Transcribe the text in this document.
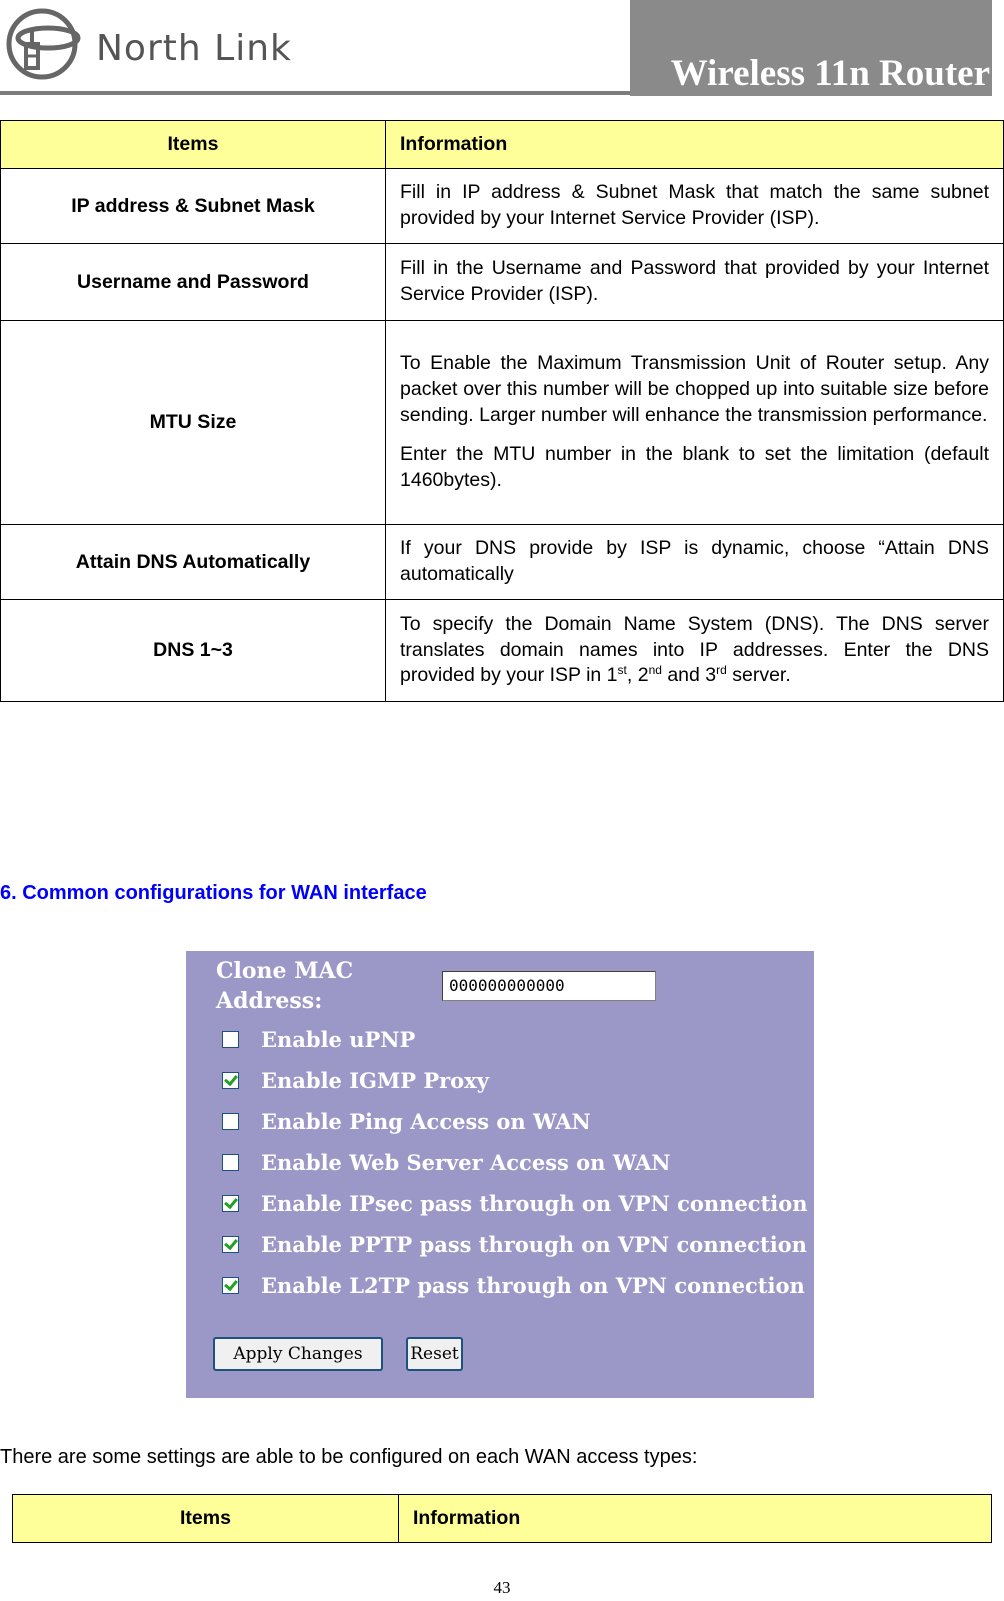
North Link
Wireless 11n Router
Items	Information
IP address & Subnet Mask	Fill in IP address & Subnet Mask that match the same subnet provided by your Internet Service Provider (ISP).
Username and Password	Fill in the Username and Password that provided by your Internet Service Provider (ISP).
MTU Size	To Enable the Maximum Transmission Unit of Router setup. Any packet over this number will be chopped up into suitable size before sending. Larger number will enhance the transmission performance.

Enter the MTU number in the blank to set the limitation (default 1460bytes).

Attain DNS Automatically	If your DNS provide by ISP is dynamic, choose “Attain DNS automatically
DNS 1~3	To specify the Domain Name System (DNS). The DNS server translates domain names into IP addresses. Enter the DNS provided by your ISP in 1st, 2nd and 3rd server.
6. Common configurations for WAN interface
Clone MAC Address:
000000000000
Enable uPNP
Enable IGMP Proxy
Enable Ping Access on WAN
Enable Web Server Access on WAN
Enable IPsec pass through on VPN connection
Enable PPTP pass through on VPN connection
Enable L2TP pass through on VPN connection
Apply Changes	Reset
There are some settings are able to be configured on each WAN access types:
Items	Information
43
